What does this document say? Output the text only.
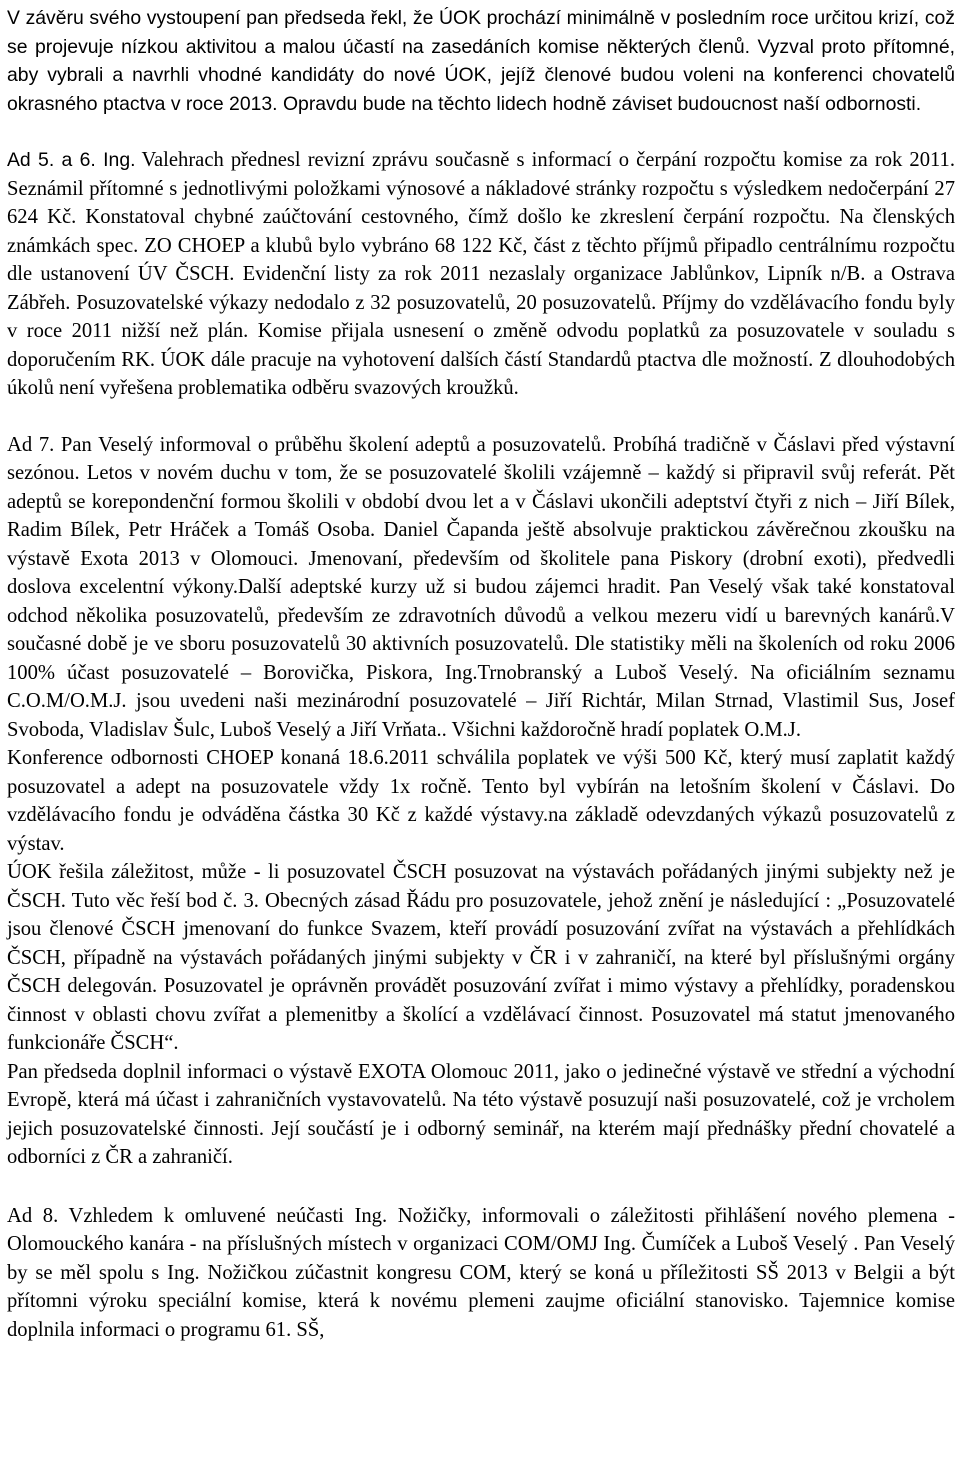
V závěru svého vystoupení pan předseda řekl, že ÚOK prochází minimálně v posledním roce určitou krizí, což se projevuje nízkou aktivitou a malou účastí na zasedáních komise některých členů. Vyzval proto přítomné, aby vybrali a navrhli vhodné kandidáty do nové ÚOK, jejíž členové budou voleni na konferenci chovatelů okrasného ptactva v roce 2013. Opravdu bude na těchto lidech hodně záviset budoucnost naší odbornosti.

Ad 5. a 6. Ing. Valehrach přednesl revizní zprávu současně s informací o čerpání rozpočtu komise za rok 2011. Seznámil přítomné s jednotlivými položkami výnosové a nákladové stránky rozpočtu s výsledkem nedočerpání 27 624 Kč. Konstatoval chybné zaúčtování cestovného, čímž došlo ke zkreslení čerpání rozpočtu. Na členských známkách spec. ZO CHOEP a klubů bylo vybráno 68 122 Kč, část z těchto příjmů připadlo centrálnímu rozpočtu dle ustanovení ÚV ČSCH. Evidenční listy za rok 2011 nezaslaly organizace Jablůnkov, Lipník n/B. a Ostrava Zábřeh. Posuzovatelské výkazy nedodalo z 32 posuzovatelů, 20 posuzovatelů. Příjmy do vzdělávacího fondu byly v roce 2011 nižší než plán. Komise přijala usnesení o změně odvodu poplatků za posuzovatele v souladu s doporučením RK. ÚOK dále pracuje na vyhotovení dalších částí Standardů ptactva dle možností. Z dlouhodobých úkolů není vyřešena problematika odběru svazových kroužků.

Ad 7. Pan Veselý informoval o průběhu školení adeptů a posuzovatelů. Probíhá tradičně v Čáslavi před výstavní sezónou. Letos v novém duchu v tom, že se posuzovatelé školili vzájemně – každý si připravil svůj referát. Pět adeptů se korepondenční formou školili v období dvou let a v Čáslavi ukončili adeptství čtyři z nich – Jiří Bílek, Radim Bílek, Petr Hráček a Tomáš Osoba. Daniel Čapanda ještě absolvuje praktickou závěrečnou zkoušku na výstavě Exota 2013 v Olomouci. Jmenovaní, především od školitele pana Piskory (drobní exoti), předvedli doslova excelentní výkony.Další adeptské kurzy už si budou zájemci hradit. Pan Veselý však také konstatoval odchod několika posuzovatelů, především ze zdravotních důvodů a velkou mezeru vidí u barevných kanárů.V současné době je ve sboru posuzovatelů 30 aktivních posuzovatelů. Dle statistiky měli na školeních od roku 2006 100% účast posuzovatelé – Borovička, Piskora, Ing.Trnobranský a Luboš Veselý. Na oficiálním seznamu C.O.M/O.M.J. jsou uvedeni naši mezinárodní posuzovatelé – Jiří Richtár, Milan Strnad, Vlastimil Sus, Josef Svoboda, Vladislav Šulc, Luboš Veselý a Jiří Vrňata.. Všichni každoročně hradí poplatek O.M.J.

Konference odbornosti CHOEP konaná 18.6.2011 schválila poplatek ve výši 500 Kč, který musí zaplatit každý posuzovatel a adept na posuzovatele vždy 1x ročně. Tento byl vybírán na letošním školení v Čáslavi. Do vzdělávacího fondu je odváděna částka 30 Kč z každé výstavy.na základě odevzdaných výkazů posuzovatelů z výstav.

ÚOK řešila záležitost, může - li posuzovatel ČSCH posuzovat na výstavách pořádaných jinými subjekty než je ČSCH. Tuto věc řeší bod č. 3. Obecných zásad Řádu pro posuzovatele, jehož znění je následující : „Posuzovatelé jsou členové ČSCH jmenovaní do funkce Svazem, kteří provádí posuzování zvířat na výstavách a přehlídkách ČSCH, případně na výstavách pořádaných jinými subjekty v ČR i v zahraničí, na které byl příslušnými orgány ČSCH delegován. Posuzovatel je oprávněn provádět posuzování zvířat i mimo výstavy a přehlídky, poradenskou činnost v oblasti chovu zvířat a plemenitby a školící a vzdělávací činnost. Posuzovatel má statut jmenovaného funkcionáře ČSCH“.

Pan předseda doplnil informaci o výstavě EXOTA Olomouc 2011, jako o jedinečné výstavě ve střední a východní Evropě, která má účast i zahraničních vystavovatelů. Na této výstavě posuzují naši posuzovatelé, což je vrcholem jejich posuzovatelské činnosti. Její součástí je i odborný seminář, na kterém mají přednášky přední chovatelé a odborníci z ČR a zahraničí.

Ad 8. Vzhledem k omluvené neúčasti Ing. Nožičky, informovali o záležitosti přihlášení nového plemena - Olomouckého kanára - na příslušných místech v organizaci COM/OMJ Ing. Čumíček a Luboš Veselý . Pan Veselý by se měl spolu s Ing. Nožičkou zúčastnit kongresu COM, který se koná u příležitosti SŠ 2013 v Belgii a být přítomni výroku speciální komise, která k novému plemeni zaujme oficiální stanovisko. Tajemnice komise doplnila informaci o programu 61. SŠ,
